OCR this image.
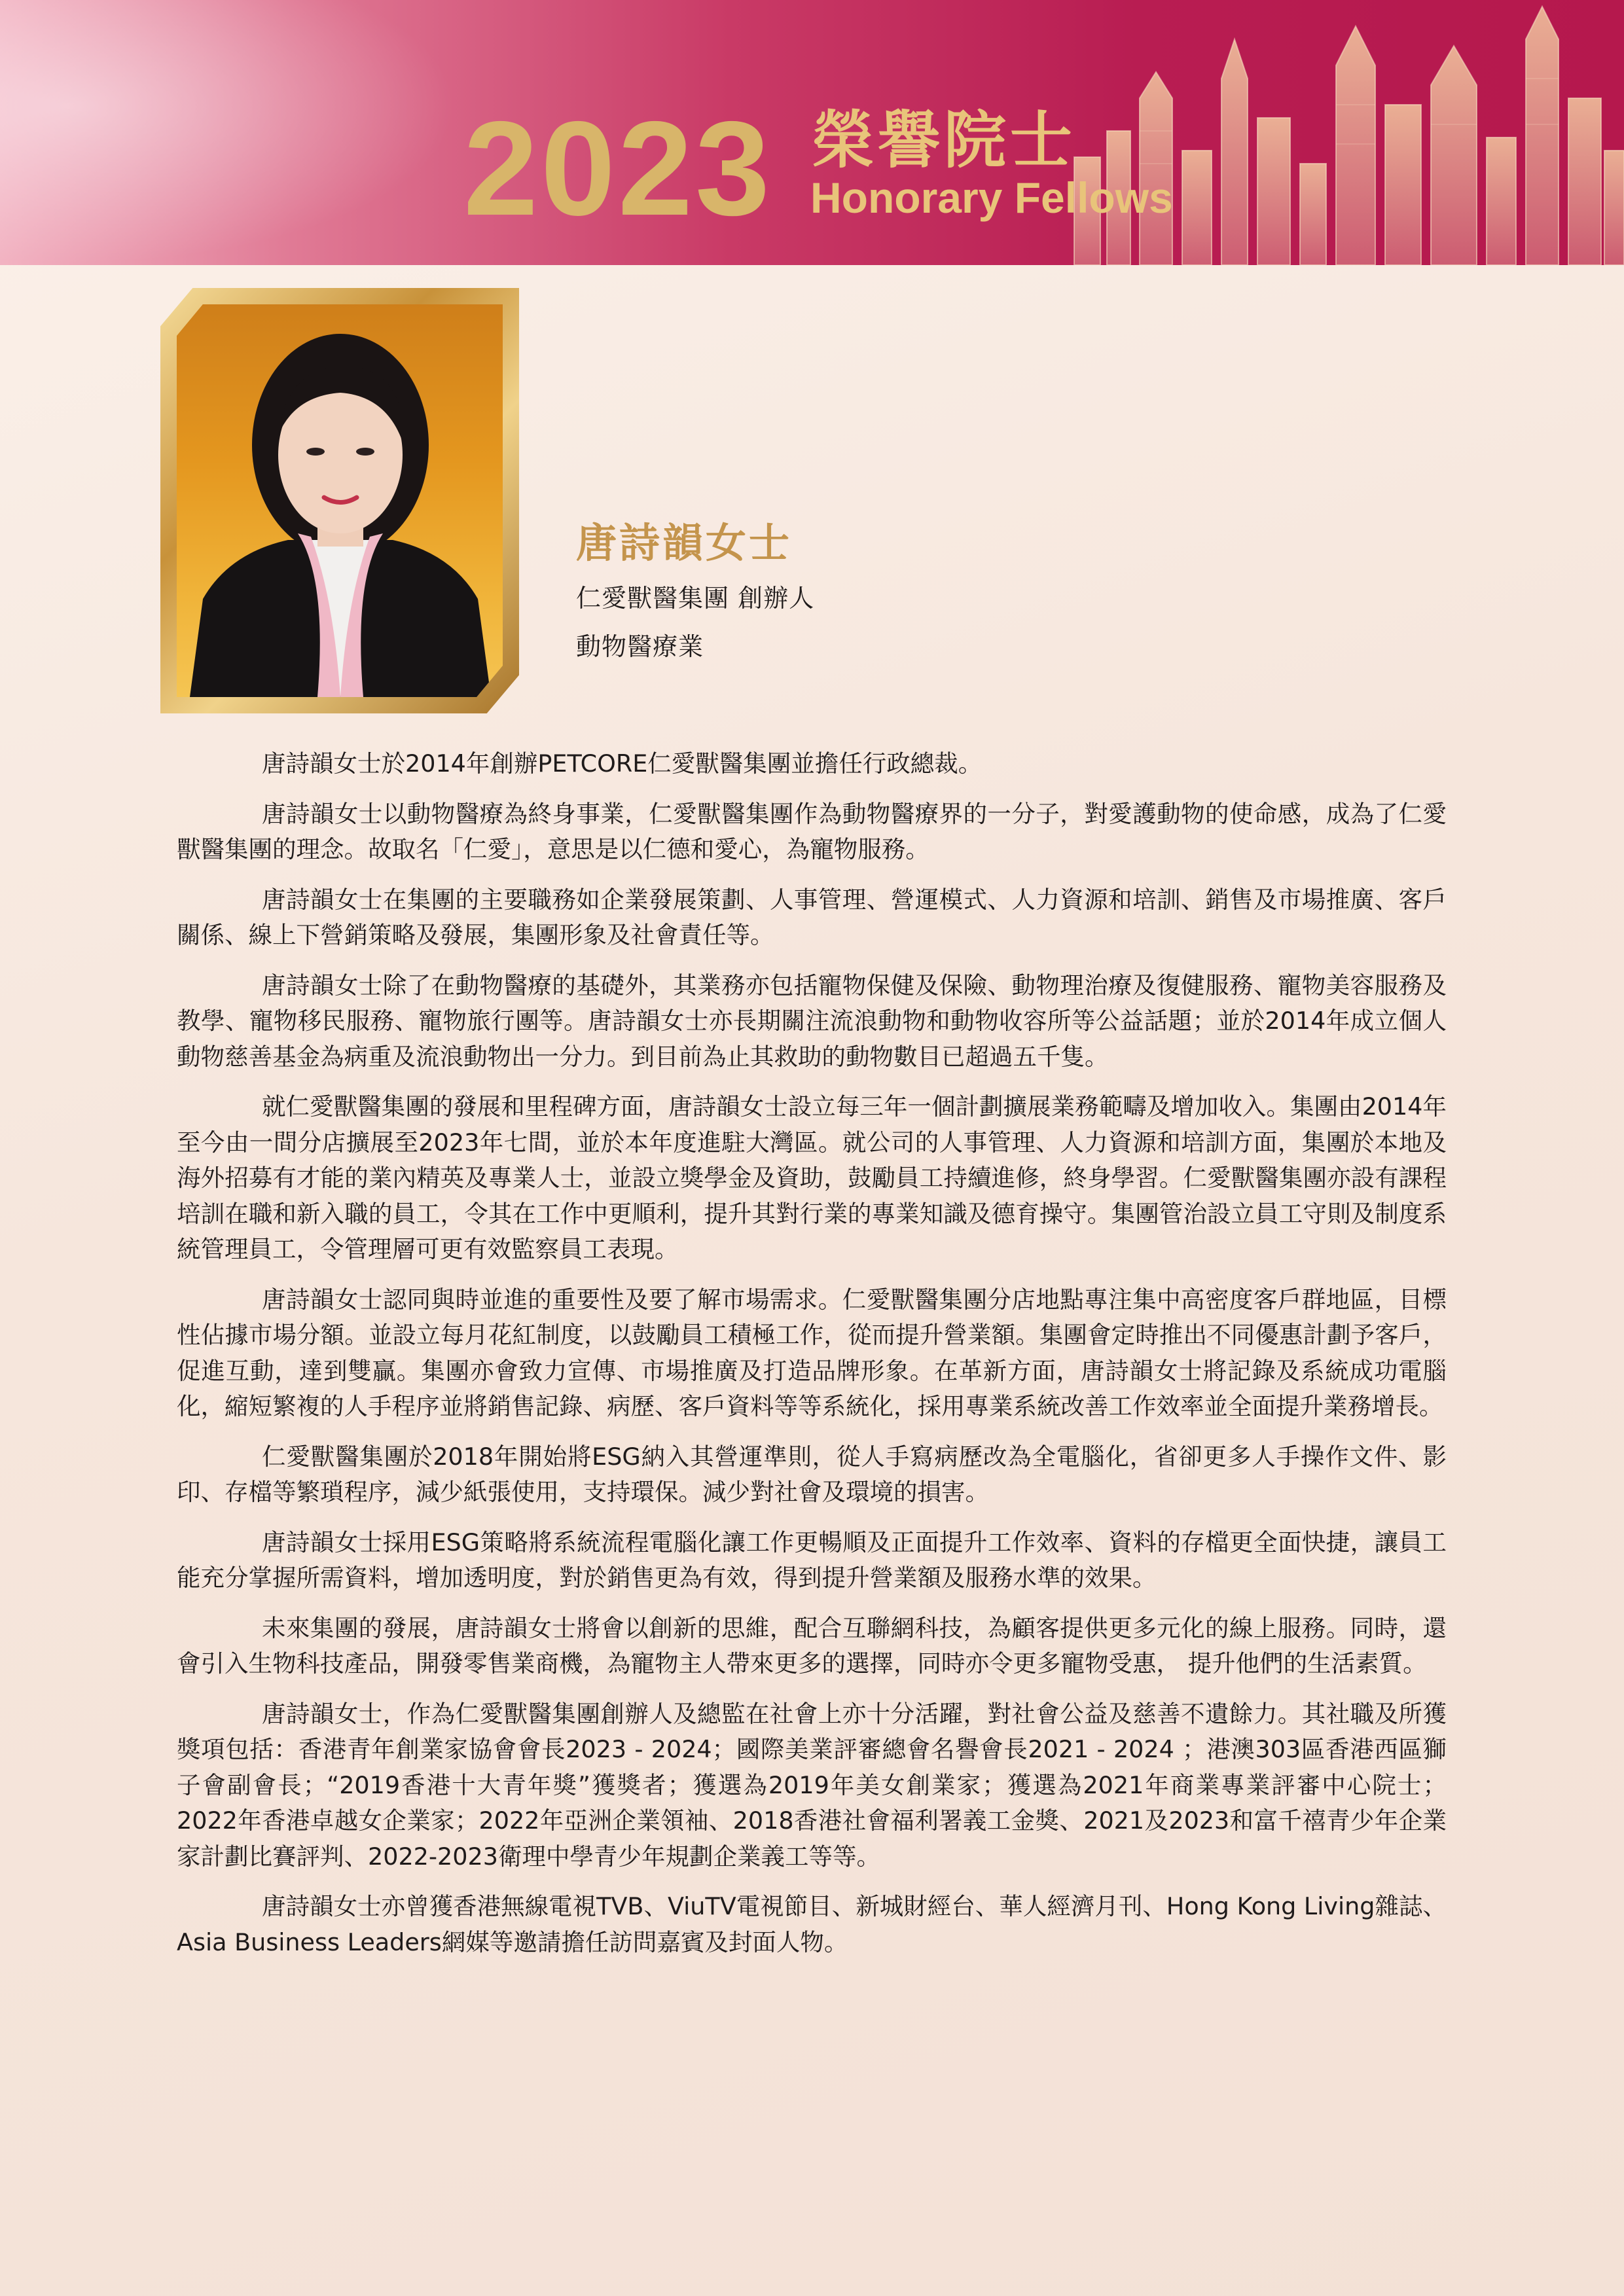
2023 榮譽院士
Honorary Fellows
唐詩韻女士
仁愛獸醫集團 創辦人
動物醫療業

唐詩韻女士於2014年創辦PETCORE仁愛獸醫集團並擔任行政總裁。

唐詩韻女士以動物醫療為終身事業，仁愛獸醫集團作為動物醫療界的一分子，對愛護動物的使命感，成為了仁愛獸醫集團的理念。故取名「仁愛」，意思是以仁德和愛心，為寵物服務。

唐詩韻女士在集團的主要職務如企業發展策劃、人事管理、營運模式、人力資源和培訓、銷售及市場推廣、客戶關係、線上下營銷策略及發展，集團形象及社會責任等。

唐詩韻女士除了在動物醫療的基礎外，其業務亦包括寵物保健及保險、動物理治療及復健服務、寵物美容服務及教學、寵物移民服務、寵物旅行團等。唐詩韻女士亦長期關注流浪動物和動物收容所等公益話題；並於2014年成立個人動物慈善基金為病重及流浪動物出一分力。到目前為止其救助的動物數目已超過五千隻。

就仁愛獸醫集團的發展和里程碑方面，唐詩韻女士設立每三年一個計劃擴展業務範疇及增加收入。集團由2014年至今由一間分店擴展至2023年七間，並於本年度進駐大灣區。就公司的人事管理、人力資源和培訓方面，集團於本地及海外招募有才能的業內精英及專業人士，並設立獎學金及資助，鼓勵員工持續進修，終身學習。仁愛獸醫集團亦設有課程培訓在職和新入職的員工，令其在工作中更順利，提升其對行業的專業知識及德育操守。集團管治設立員工守則及制度系統管理員工，令管理層可更有效監察員工表現。

唐詩韻女士認同與時並進的重要性及要了解市場需求。仁愛獸醫集團分店地點專注集中高密度客戶群地區，目標性佔據市場分額。並設立每月花紅制度，以鼓勵員工積極工作，從而提升營業額。集團會定時推出不同優惠計劃予客戶，促進互動，達到雙贏。集團亦會致力宣傳、市場推廣及打造品牌形象。在革新方面，唐詩韻女士將記錄及系統成功電腦化，縮短繁複的人手程序並將銷售記錄、病歷、客戶資料等等系統化，採用專業系統改善工作效率並全面提升業務增長。

仁愛獸醫集團於2018年開始將ESG納入其營運準則，從人手寫病歷改為全電腦化，省卻更多人手操作文件、影印、存檔等繁瑣程序，減少紙張使用，支持環保。減少對社會及環境的損害。

唐詩韻女士採用ESG策略將系統流程電腦化讓工作更暢順及正面提升工作效率、資料的存檔更全面快捷，讓員工能充分掌握所需資料，增加透明度，對於銷售更為有效，得到提升營業額及服務水準的效果。

未來集團的發展，唐詩韻女士將會以創新的思維，配合互聯網科技，為顧客提供更多元化的線上服務。同時，還會引入生物科技產品，開發零售業商機，為寵物主人帶來更多的選擇，同時亦令更多寵物受惠， 提升他們的生活素質。

唐詩韻女士，作為仁愛獸醫集團創辦人及總監在社會上亦十分活躍，對社會公益及慈善不遺餘力。其社職及所獲獎項包括：香港青年創業家協會會長2023 - 2024；國際美業評審總會名譽會長2021 - 2024 ；港澳303區香港西區獅子會副會長；“2019香港十大青年獎”獲獎者；獲選為2019年美女創業家；獲選為2021年商業專業評審中心院士；2022年香港卓越女企業家；2022年亞洲企業領袖、2018香港社會福利署義工金獎、2021及2023和富千禧青少年企業家計劃比賽評判、2022-2023衛理中學青少年規劃企業義工等等。

唐詩韻女士亦曾獲香港無線電視TVB、ViuTV電視節目、新城財經台、華人經濟月刊、Hong Kong Living雜誌、Asia Business Leaders網媒等邀請擔任訪問嘉賓及封面人物。
